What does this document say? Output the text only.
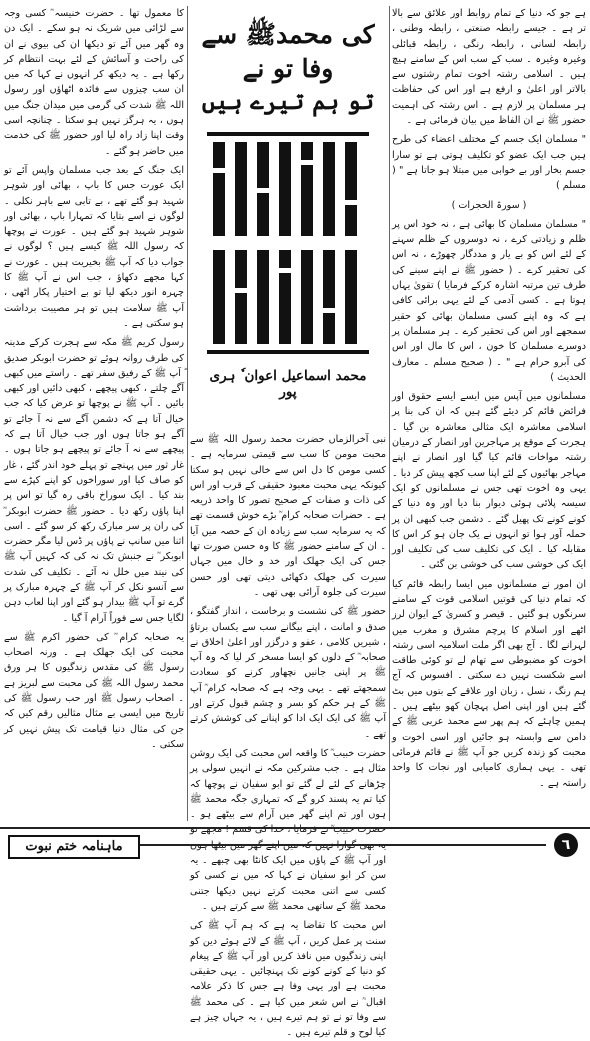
ہے جو کہ دنیا کے تمام روابط اور علائق سے بالا تر ہے ۔ جیسے رابطہ صنعتی ، رابطہ وطنی ، رابطہ لسانی ، رابطہ رنگی ، رابطہ قبائلی وغیرہ وغیرہ ۔ سب کے سب اس کے سامنے ہیچ ہیں ۔ اسلامی رشتہ اخوت تمام رشتوں سے بالاتر اور اعلیٰ و ارفع ہے اور اس کی حفاظت ہر مسلمان پر لازم ہے ۔ اس رشتہ کی اہمیت حضور ﷺ نے ان الفاظ میں بیان فرمائی ہے ۔

" مسلمان ایک جسم کے مختلف اعضاء کی طرح ہیں جب ایک عضو کو تکلیف ہوتی ہے تو سارا جسم بخار اور بے خوابی میں مبتلا ہو جاتا ہے " ( مسلم )

( سورۃ الحجرات )

" مسلمان مسلمان کا بھائی ہے ، نہ خود اس پر ظلم و زیادتی کرے ، نہ دوسروں کے ظلم سہنے کے لئے اس کو بے یار و مددگار چھوڑے ، نہ اس کی تحقیر کرے ۔ ( حضور ﷺ نے اپنے سینے کی طرف تین مرتبہ اشارہ کرکے فرمایا ) تقویٰ یہاں ہوتا ہے ۔ کسی آدمی کے لئے یہی برائی کافی ہے کہ وہ اپنے کسی مسلمان بھائی کو حقیر سمجھے اور اس کی تحقیر کرے ۔ ہر مسلمان پر دوسرے مسلمان کا خون ، اس کا مال اور اس کی آبرو حرام ہے " ۔ ( صحیح مسلم ۔ معارف الحدیث )

مسلمانوں میں آپس میں ایسے ایسے حقوق اور فرائض قائم کر دیئے گئے ہیں کہ ان کی بنا پر اسلامی معاشرہ ایک مثالی معاشرہ بن گیا ۔ ہجرت کے موقع پر مہاجرین اور انصار کے درمیان رشتہ مواخات قائم کیا گیا اور انصار نے اپنے مہاجر بھائیوں کے لئے اپنا سب کچھ پیش کر دیا ۔ یہی وہ اخوت تھی جس نے مسلمانوں کو ایک سیسہ پلائی ہوئی دیوار بنا دیا اور وہ دنیا کے کونے کونے تک پھیل گئے ۔ دشمن جب کبھی ان پر حملہ آور ہوا تو انہوں نے یک جان ہو کر اس کا مقابلہ کیا ۔ ایک کی تکلیف سب کی تکلیف اور ایک کی خوشی سب کی خوشی بن گئی ۔

ان امور نے مسلمانوں میں ایسا رابطہ قائم کیا کہ تمام دنیا کی قوتیں اسلامی قوت کے سامنے سرنگوں ہو گئیں ۔ قیصر و کسریٰ کے ایوان لرز اٹھے اور اسلام کا پرچم مشرق و مغرب میں لہرانے لگا ۔ آج بھی اگر ملت اسلامیہ اسی رشتہ اخوت کو مضبوطی سے تھام لے تو کوئی طاقت اسے شکست نہیں دے سکتی ۔ افسوس کہ آج ہم رنگ ، نسل ، زبان اور علاقے کے بتوں میں بٹ گئے ہیں اور اپنی اصل پہچان کھو بیٹھے ہیں ۔ ہمیں چاہئے کہ ہم پھر سے محمد عربی ﷺ کے دامن سے وابستہ ہو جائیں اور اسی اخوت و محبت کو زندہ کریں جو آپ ﷺ نے قائم فرمائی تھی ۔ یہی ہماری کامیابی اور نجات کا واحد راستہ ہے ۔

کی محمدﷺ سے وفا تو نے
تو ہم تیرے ہیں
محمد اسماعیل اعوان ٗ ہری پور

نبی آخرالزماں حضرت محمد رسول اللہ ﷺ سے محبت مومن کا سب سے قیمتی سرمایہ ہے ۔ کسی مومن کا دل اس سے خالی نہیں ہو سکتا کیونکہ یہی محبت معبود حقیقی کے قرب اور اس کی ذات و صفات کے صحیح تصور کا واحد ذریعہ ہے ۔ حضرات صحابہ کرام ؓ بڑے خوش قسمت تھے کہ یہ سرمایہ سب سے زیادہ ان کے حصہ میں آیا ۔ ان کے سامنے حضور ﷺ کا وہ حسن صورت تھا جس کی ایک جھلک اور خد و خال میں جہاں سیرت کی جھلک دکھائی دیتی تھی اور حسن سیرت کی جلوہ آرائی بھی تھی ۔

حضور ﷺ کی نشست و برخاست ، انداز گفتگو ، صدق و امانت ، اپنے بیگانے سب سے یکساں برتاؤ ، شیریں کلامی ، عفو و درگزر اور اعلیٰ اخلاق نے صحابہ ؓ کے دلوں کو ایسا مسخر کر لیا کہ وہ آپ ﷺ پر اپنی جانیں نچھاور کرنے کو سعادت سمجھتے تھے ۔ یہی وجہ ہے کہ صحابہ کرام ؓ آپ ﷺ کے ہر حکم کو بسر و چشم قبول کرتے اور آپ ﷺ کی ایک ایک ادا کو اپنانے کی کوشش کرتے تھے ۔

حضرت خبیب ؓ کا واقعہ اس محبت کی ایک روشن مثال ہے ۔ جب مشرکین مکہ نے انہیں سولی پر چڑھانے کے لئے لے گئے تو ابو سفیان نے پوچھا کہ کیا تم یہ پسند کرو گے کہ تمہاری جگہ محمد ﷺ ہوں اور تم اپنے گھر میں آرام سے بیٹھے ہو ۔ حضرت خبیب ؓ نے فرمایا ، خدا کی قسم ! مجھے تو اور آپ ﷺ کے پاؤں میں ایک کانٹا بھی چبھے ۔ یہ سن کر ابو سفیان نے کہا کہ میں نے کسی کو کسی سے اتنی محبت کرتے نہیں دیکھا جتنی محمد ﷺ کے ساتھی محمد ﷺ سے کرتے ہیں ۔

اس محبت کا تقاضا یہ ہے کہ ہم آپ ﷺ کی سنت پر عمل کریں ، آپ ﷺ کے لائے ہوئے دین کو اپنی زندگیوں میں نافذ کریں اور آپ ﷺ کے پیغام کو دنیا کے کونے کونے تک پہنچائیں ۔ یہی حقیقی محبت ہے اور یہی وفا ہے جس کا ذکر علامہ اقبال ؒ نے اس شعر میں کیا ہے ۔ کی محمد ﷺ سے وفا تو نے تو ہم تیرے ہیں ، یہ جہاں چیز ہے کیا لوح و قلم تیرے ہیں ۔

کا معمول تھا ۔ حضرت خنیسہ ؓ کسی وجہ سے لڑائی میں شریک نہ ہو سکے ۔ ایک دن وہ گھر میں آئے تو دیکھا ان کی بیوی نے ان کی راحت و آسائش کے لئے بہت انتظام کر رکھا ہے ۔ یہ دیکھ کر انہوں نے کہا کہ میں ان سب چیزوں سے فائدہ اٹھاؤں اور رسول اللہ ﷺ شدت کی گرمی میں میدان جنگ میں ہوں ، یہ ہرگز نہیں ہو سکتا ۔ چنانچہ اسی وقت اپنا زاد راہ لیا اور حضور ﷺ کی خدمت میں حاضر ہو گئے ۔

ایک جنگ کے بعد جب مسلمان واپس آئے تو ایک عورت جس کا باپ ، بھائی اور شوہر شہید ہو گئے تھے ، بے تابی سے باہر نکلی ۔ لوگوں نے اسے بتایا کہ تمہارا باپ ، بھائی اور شوہر شہید ہو گئے ہیں ۔ عورت نے پوچھا کہ رسول اللہ ﷺ کیسے ہیں ؟ لوگوں نے جواب دیا کہ آپ ﷺ بخیریت ہیں ۔ عورت نے کہا مجھے دکھاؤ ، جب اس نے آپ ﷺ کا چہرہ انور دیکھ لیا تو بے اختیار پکار اٹھی ، آپ ﷺ سلامت ہیں تو ہر مصیبت برداشت ہو سکتی ہے ۔

رسول کریم ﷺ مکہ سے ہجرت کرکے مدینہ کی طرف روانہ ہوئے تو حضرت ابوبکر صدیق ؓ آپ ﷺ کے رفیق سفر تھے ۔ راستے میں کبھی آگے چلتے ، کبھی پیچھے ، کبھی دائیں اور کبھی بائیں ۔ آپ ﷺ نے پوچھا تو عرض کیا کہ جب خیال آتا ہے کہ دشمن آگے سے نہ آ جائے تو آگے ہو جاتا ہوں اور جب خیال آتا ہے کہ پیچھے سے نہ آ جائے تو پیچھے ہو جاتا ہوں ۔ غار ثور میں پہنچے تو پہلے خود اندر گئے ، غار کو صاف کیا اور سوراخوں کو اپنے کپڑے سے بند کیا ۔ ایک سوراخ باقی رہ گیا تو اس پر اپنا پاؤں رکھ دیا ۔ حضور ﷺ حضرت ابوبکر ؓ کی ران پر سر مبارک رکھ کر سو گئے ۔ اسی اثنا میں سانپ نے پاؤں پر ڈس لیا مگر حضرت ابوبکر ؓ نے جنبش تک نہ کی کہ کہیں آپ ﷺ کی نیند میں خلل نہ آئے ۔ تکلیف کی شدت سے آنسو نکل کر آپ ﷺ کے چہرہ مبارک پر گرے تو آپ ﷺ بیدار ہو گئے اور اپنا لعاب دہن لگایا جس سے فوراً آرام آ گیا ۔

یہ صحابہ کرام ؓ کی حضور اکرم ﷺ سے محبت کی ایک جھلک ہے ۔ ورنہ اصحاب رسول ﷺ کی مقدس زندگیوں کا ہر ورق محمد رسول اللہ ﷺ کی محبت سے لبریز ہے ۔ اصحاب رسول ﷺ اور حب رسول ﷺ کی تاریخ میں ایسی بے مثال مثالیں رقم کیں کہ جن کی مثال دنیا قیامت تک پیش نہیں کر سکتی ۔

ماہنامہ ختم نبوت	٦
